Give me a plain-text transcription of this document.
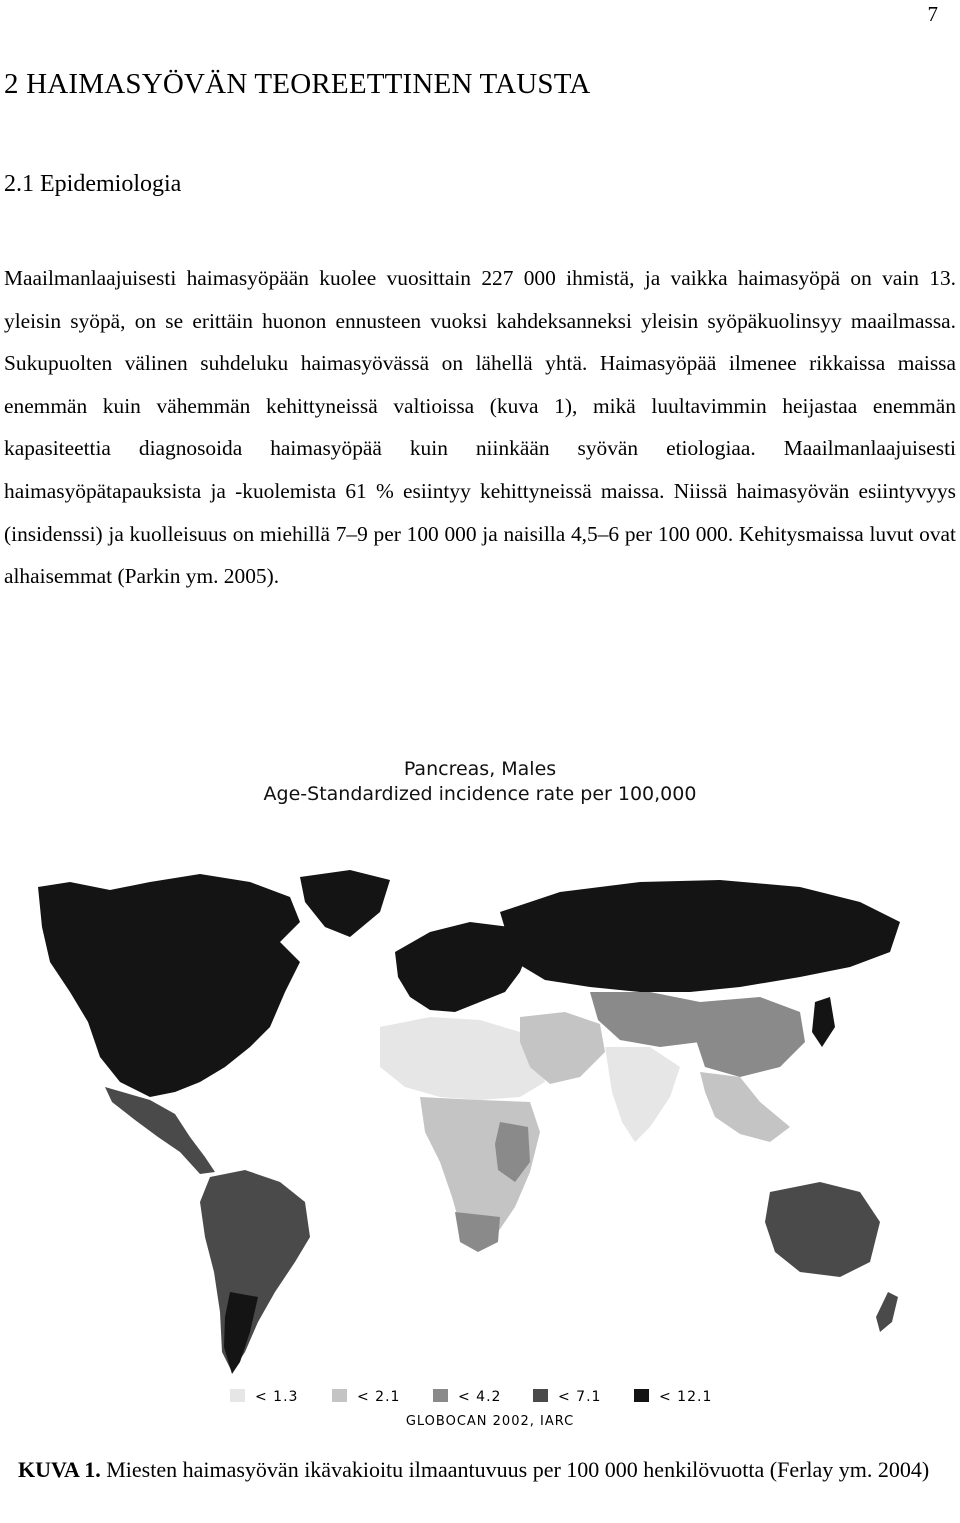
7
2 HAIMASYÖVÄN TEOREETTINEN TAUSTA
2.1 Epidemiologia

Maailmanlaajuisesti haimasyöpään kuolee vuosittain 227 000 ihmistä, ja vaikka haimasyöpä on vain 13. yleisin syöpä, on se erittäin huonon ennusteen vuoksi kahdeksanneksi yleisin syöpäkuolinsyy maailmassa. Sukupuolten välinen suhdeluku haimasyövässä on lähellä yhtä. Haimasyöpää ilmenee rikkaissa maissa enemmän kuin vähemmän kehittyneissä valtioissa (kuva 1), mikä luultavimmin heijastaa enemmän kapasiteettia diagnosoida haimasyöpää kuin niinkään syövän etiologiaa. Maailmanlaajuisesti haimasyöpätapauksista ja -kuolemista 61 % esiintyy kehittyneissä maissa. Niissä haimasyövän esiintyvyys (insidenssi) ja kuolleisuus on miehillä 7–9 per 100 000 ja naisilla 4,5–6 per 100 000. Kehitysmaissa luvut ovat alhaisemmat (Parkin ym. 2005).

Pancreas, Males
Age-Standardized incidence rate per 100,000
< 1.3	< 2.1	< 4.2	< 7.1	< 12.1
GLOBOCAN 2002, IARC

KUVA 1. Miesten haimasyövän ikävakioitu ilmaantuvuus per 100 000 henkilövuotta (Ferlay ym. 2004)
